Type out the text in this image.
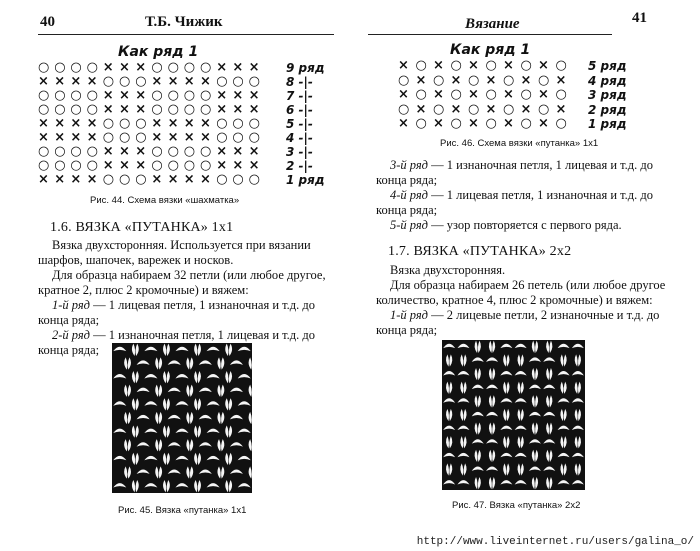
40	Т.Б. Чижик
Как ряд 1
○ ○ ○ ○ × × × ○ ○ ○ ○ × × × 9 ряд
× × × × ○ ○ ○ × × × × ○ ○ ○ 8 -|-
○ ○ ○ ○ × × × ○ ○ ○ ○ × × × 7 -|-
○ ○ ○ ○ × × × ○ ○ ○ ○ × × × 6 -|-
× × × × ○ ○ ○ × × × × ○ ○ ○ 5 -|-
× × × × ○ ○ ○ × × × × ○ ○ ○ 4 -|-
○ ○ ○ ○ × × × ○ ○ ○ ○ × × × 3 -|-
○ ○ ○ ○ × × × ○ ○ ○ ○ × × × 2 -|-
× × × × ○ ○ ○ × × × × ○ ○ ○ 1 ряд
Рис. 44. Схема вязки «шахматка»
1.6. ВЯЗКА «ПУТАНКА» 1х1

Вязка двухсторонняя. Используется при вязании шарфов, шапочек, варежек и носков.

Для образца набираем 32 петли (или любое другое, кратное 2, плюс 2 кромочные) и вяжем:

1-й ряд — 1 лицевая петля, 1 изнаночная и т.д. до конца ряда;

2-й ряд — 1 изнаночная петля, 1 лицевая и т.д. до конца ряда;

Рис. 45. Вязка «путанка» 1х1
Вязание	41
Как ряд 1
× ○ × ○ × ○ × ○ × ○ 5 ряд
○ × ○ × ○ × ○ × ○ × 4 ряд
× ○ × ○ × ○ × ○ × ○ 3 ряд
○ × ○ × ○ × ○ × ○ × 2 ряд
× ○ × ○ × ○ × ○ × ○ 1 ряд
Рис. 46. Схема вязки «путанка» 1х1

3-й ряд — 1 изнаночная петля, 1 лицевая и т.д. до конца ряда;

4-й ряд — 1 лицевая петля, 1 изнаночная и т.д. до конца ряда;

5-й ряд — узор повторяется с первого ряда.

1.7. ВЯЗКА «ПУТАНКА» 2х2

Вязка двухсторонняя.

Для образца набираем 26 петель (или любое другое количество, кратное 4, плюс 2 кромочные) и вяжем:

1-й ряд — 2 лицевые петли, 2 изнаночные и т.д. до конца ряда;

Рис. 47. Вязка «путанка» 2х2
http://www.liveinternet.ru/users/galina_o/
